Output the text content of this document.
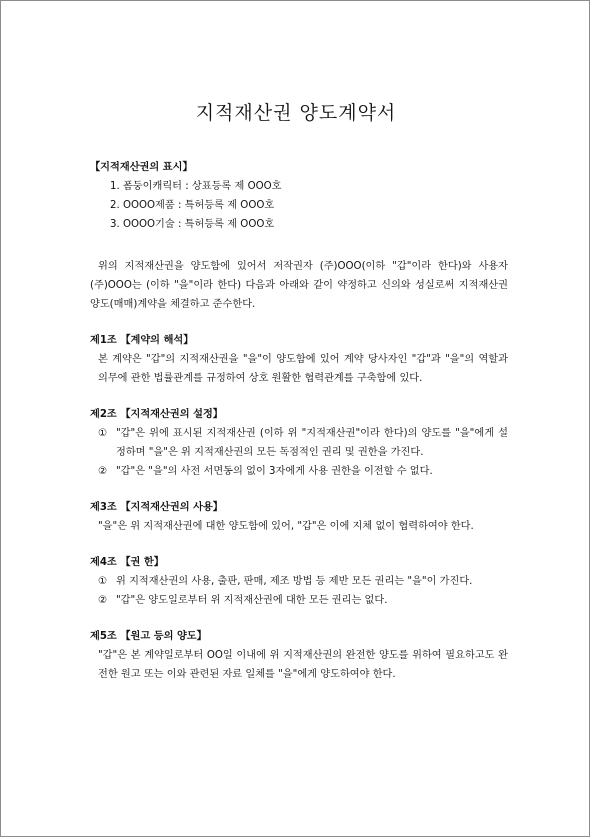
지적재산권 양도계약서
【지적재산권의 표시】
1. 폼둥이캐릭터 : 상표등록 제 OOO호
2. OOOO제품 : 특허등록 제 OOO호
3. OOOO기술 : 특허등록 제 OOO호
위의 지적재산권을 양도함에 있어서 저작권자 (주)OOO(이하 "갑"이라 한다)와 사용자 (주)OOO는 (이하 "을"이라 한다) 다음과 아래와 같이 약정하고 신의와 성실로써 지적재산권 양도(매매)계약을 체결하고 준수한다.
제1조 【계약의 해석】
본 계약은 "갑"의 지적재산권을 "을"이 양도함에 있어 계약 당사자인 "갑"과 "을"의 역할과 의무에 관한 법률관계를 규정하여 상호 원활한 협력관계를 구축함에 있다.
제2조 【지적재산권의 설정】
① "갑"은 위에 표시된 지적재산권 (이하 위 "지적재산권"이라 한다)의 양도를 "을"에게 설정하며 "을"은 위 지적재산권의 모든 독점적인 권리 및 권한을 가진다.
② "갑"은 "을"의 사전 서면동의 없이 3자에게 사용 권한을 이전할 수 없다.
제3조 【지적재산권의 사용】
"을"은 위 지적재산권에 대한 양도함에 있어, "갑"은 이에 지체 없이 협력하여야 한다.
제4조 【권 한】
① 위 지적재산권의 사용, 출판, 판매, 제조 방법 등 제반 모든 권리는 "을"이 가진다.
② "갑"은 양도일로부터 위 지적재산권에 대한 모든 권리는 없다.
제5조 【원고 등의 양도】
"갑"은 본 계약일로부터 OO일 이내에 위 지적재산권의 완전한 양도를 위하여 필요하고도 완전한 원고 또는 이와 관련된 자료 일체를 "을"에게 양도하여야 한다.
